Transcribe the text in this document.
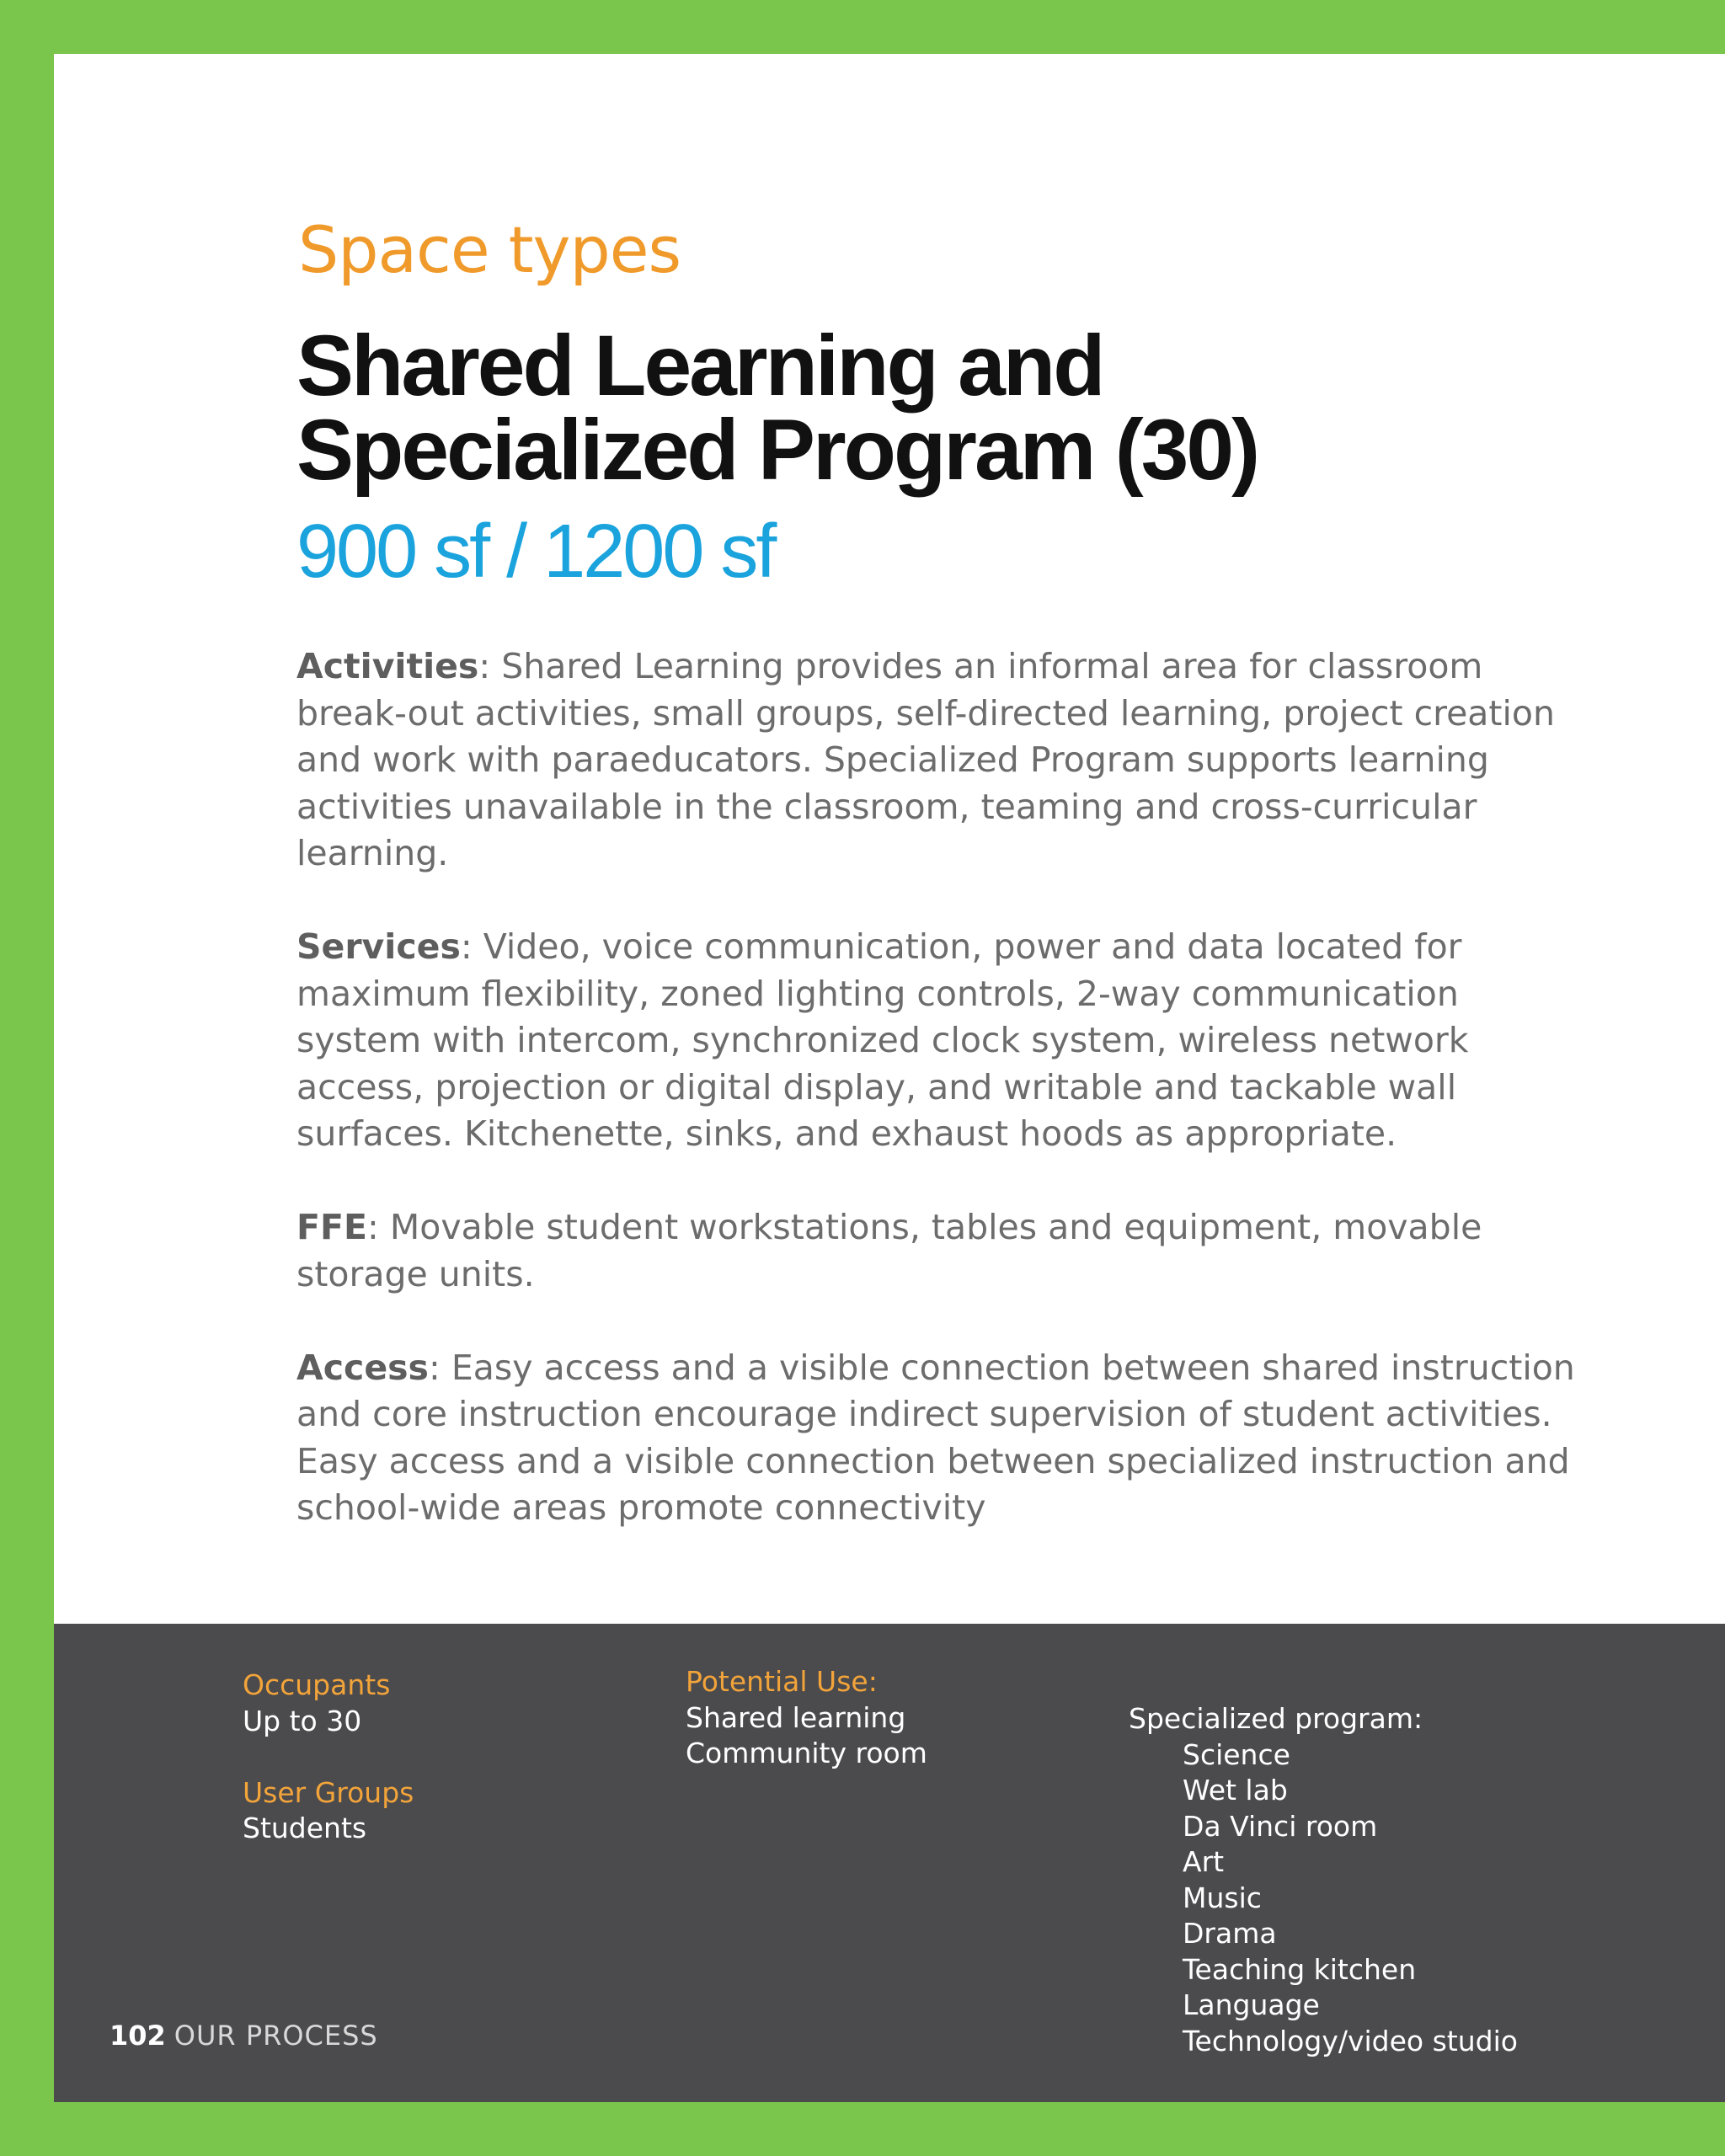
Space types
Shared Learning and
Specialized Program (30)
900 sf / 1200 sf

Activities: Shared Learning provides an informal area for classroom break-out activities, small groups, self-directed learning, project creation and work with paraeducators. Specialized Program supports learning activities unavailable in the classroom, teaming and cross-curricular learning.

Services: Video, voice communication, power and data located for maximum flexibility, zoned lighting controls, 2-way communication system with intercom, synchronized clock system, wireless network access, projection or digital display, and writable and tackable wall surfaces. Kitchenette, sinks, and exhaust hoods as appropriate.

FFE: Movable student workstations, tables and equipment, movable storage units.

Access: Easy access and a visible connection between shared instruction and core instruction encourage indirect supervision of student activities. Easy access and a visible connection between specialized instruction and school-wide areas promote connectivity

Occupants
Up to 30
User Groups
Students
Potential Use:
Shared learning
Community room
Specialized program:
Science
Wet lab
Da Vinci room
Art
Music
Drama
Teaching kitchen
Language
Technology/video studio
102 OUR PROCESS
